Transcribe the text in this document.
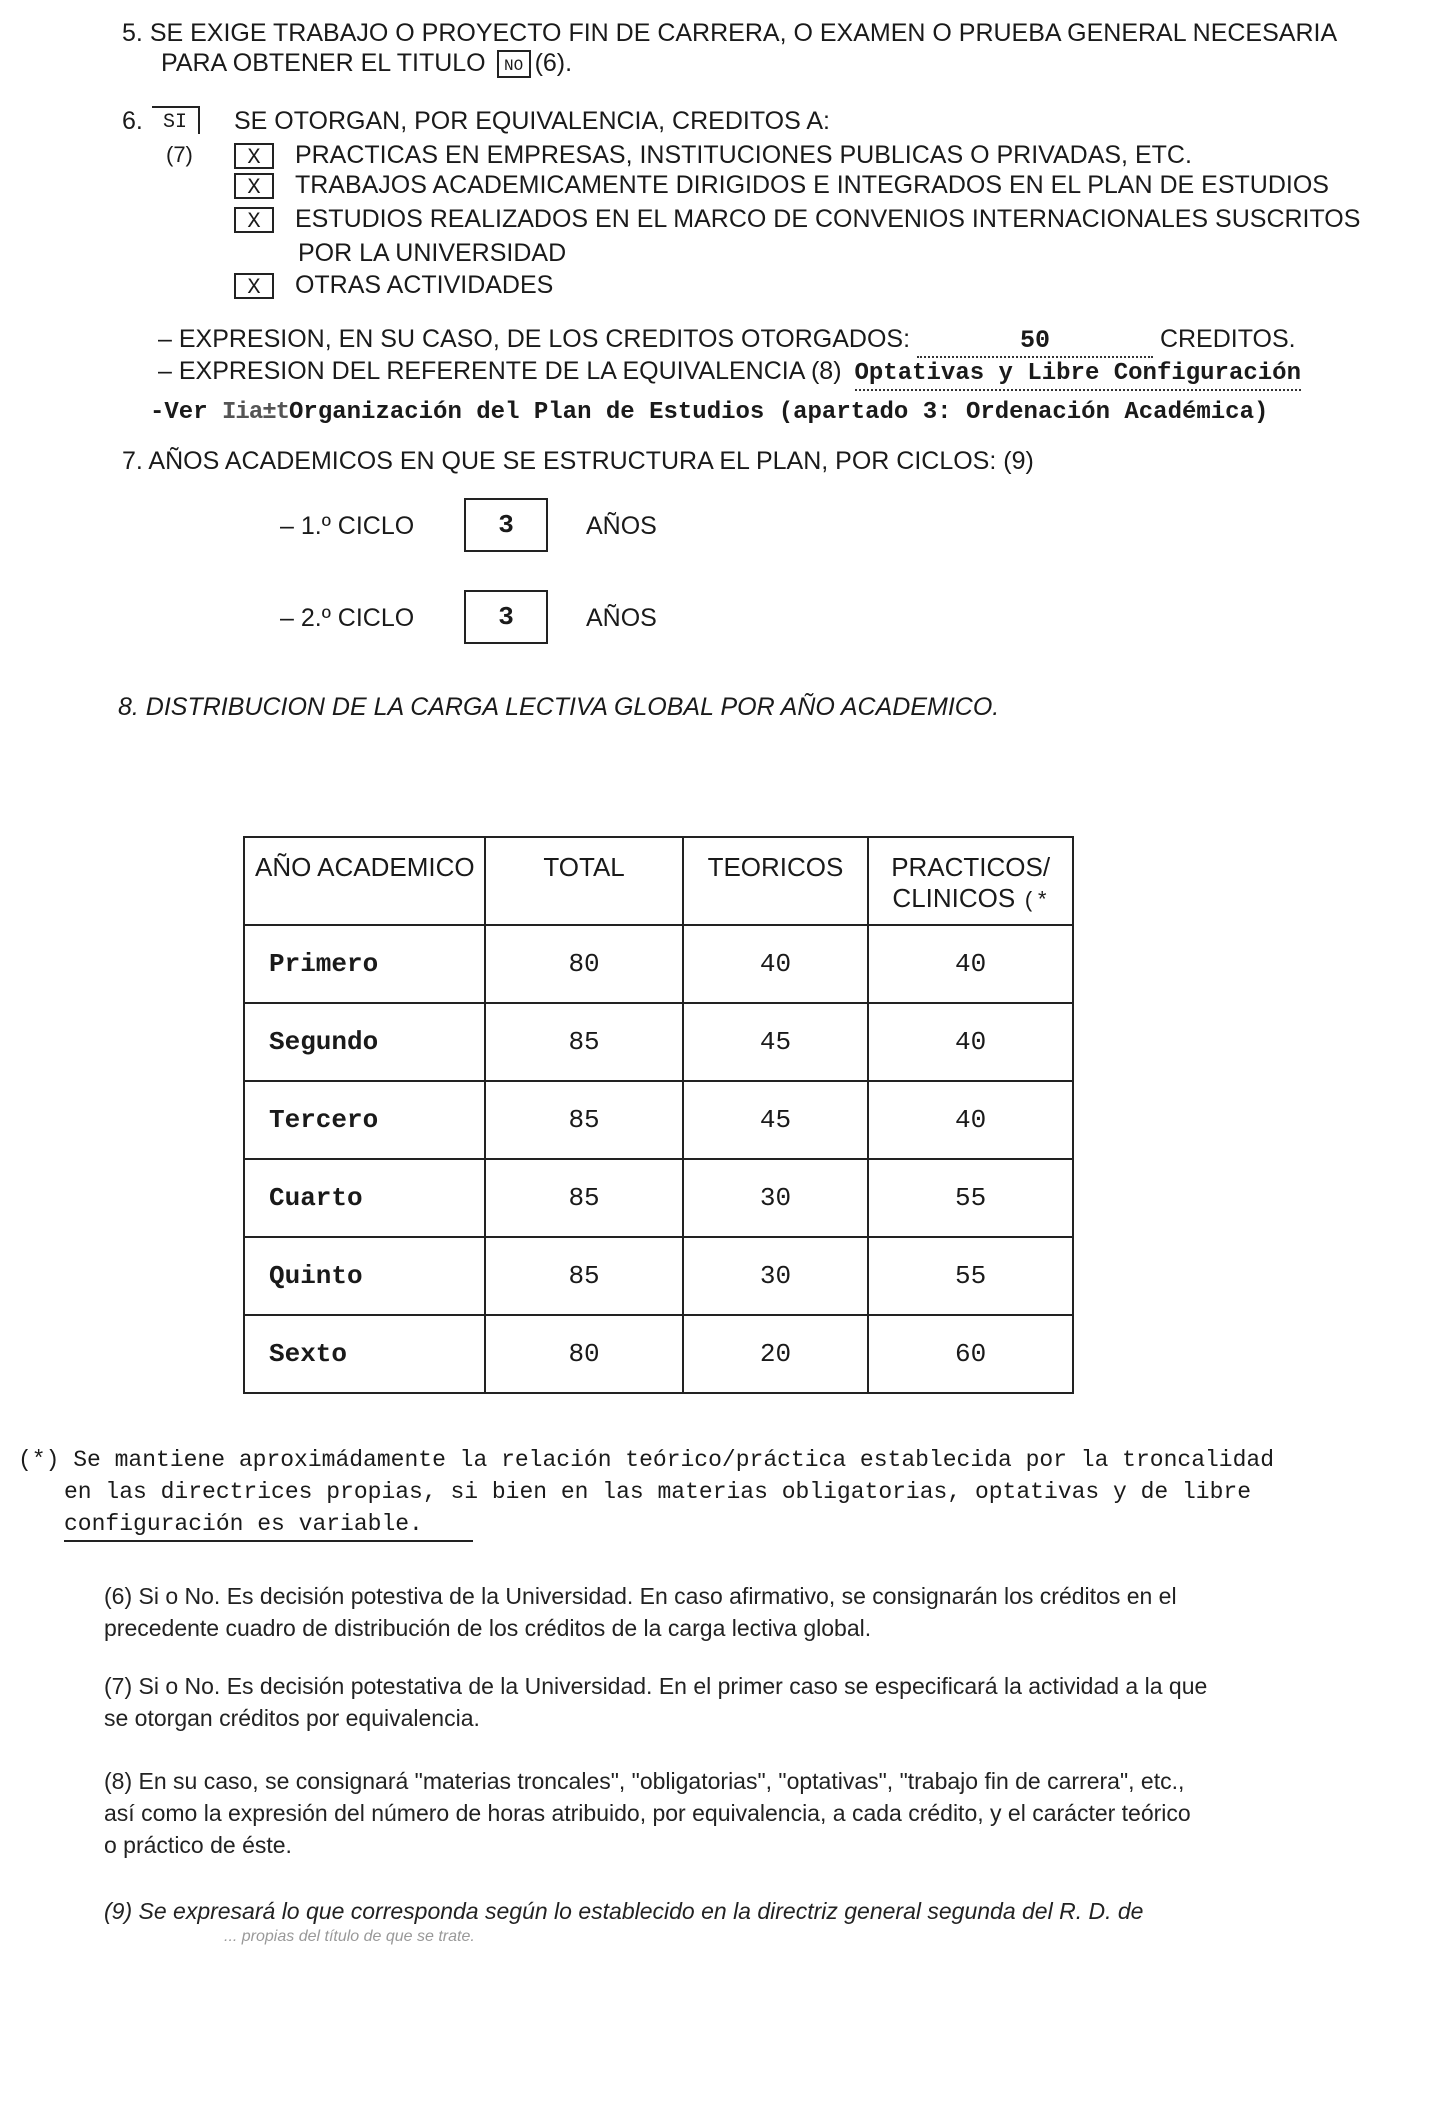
5. SE EXIGE TRABAJO O PROYECTO FIN DE CARRERA, O EXAMEN O PRUEBA GENERAL NECESARIA
PARA OBTENER EL TITULO NO (6).
6.	SI
(7)
SE OTORGAN, POR EQUIVALENCIA, CREDITOS A:
X PRACTICAS EN EMPRESAS, INSTITUCIONES PUBLICAS O PRIVADAS, ETC.
X TRABAJOS ACADEMICAMENTE DIRIGIDOS E INTEGRADOS EN EL PLAN DE ESTUDIOS
X ESTUDIOS REALIZADOS EN EL MARCO DE CONVENIOS INTERNACIONALES SUSCRITOS
POR LA UNIVERSIDAD
X OTRAS ACTIVIDADES
– EXPRESION, EN SU CASO, DE LOS CREDITOS OTORGADOS:	50	CREDITOS.
– EXPRESION DEL REFERENTE DE LA EQUIVALENCIA (8) Optativas y Libre Configuración
-Ver Iia±tOrganización del Plan de Estudios (apartado 3: Ordenación Académica)
7. AÑOS ACADEMICOS EN QUE SE ESTRUCTURA EL PLAN, POR CICLOS: (9)
– 1.º CICLO	3	AÑOS
– 2.º CICLO	3	AÑOS
8. DISTRIBUCION DE LA CARGA LECTIVA GLOBAL POR AÑO ACADEMICO.
AÑO ACADEMICO	TOTAL	TEORICOS	PRACTICOS/
CLINICOS (*
Primero	80	40	40
Segundo	85	45	40
Tercero	85	45	40
Cuarto	85	30	55
Quinto	85	30	55
Sexto	80	20	60
(*) Se mantiene aproximádamente la relación teórico/práctica establecida por la troncalidad
en las directrices propias, si bien en las materias obligatorias, optativas y de libre
configuración es variable.
(6) Si o No. Es decisión potestiva de la Universidad. En caso afirmativo, se consignarán los créditos en el
precedente cuadro de distribución de los créditos de la carga lectiva global.
(7) Si o No. Es decisión potestativa de la Universidad. En el primer caso se especificará la actividad a la que
se otorgan créditos por equivalencia.
(8) En su caso, se consignará "materias troncales", "obligatorias", "optativas", "trabajo fin de carrera", etc.,
así como la expresión del número de horas atribuido, por equivalencia, a cada crédito, y el carácter teórico
o práctico de éste.
(9) Se expresará lo que corresponda según lo establecido en la directriz general segunda del R. D. de
... propias del título de que se trate.
